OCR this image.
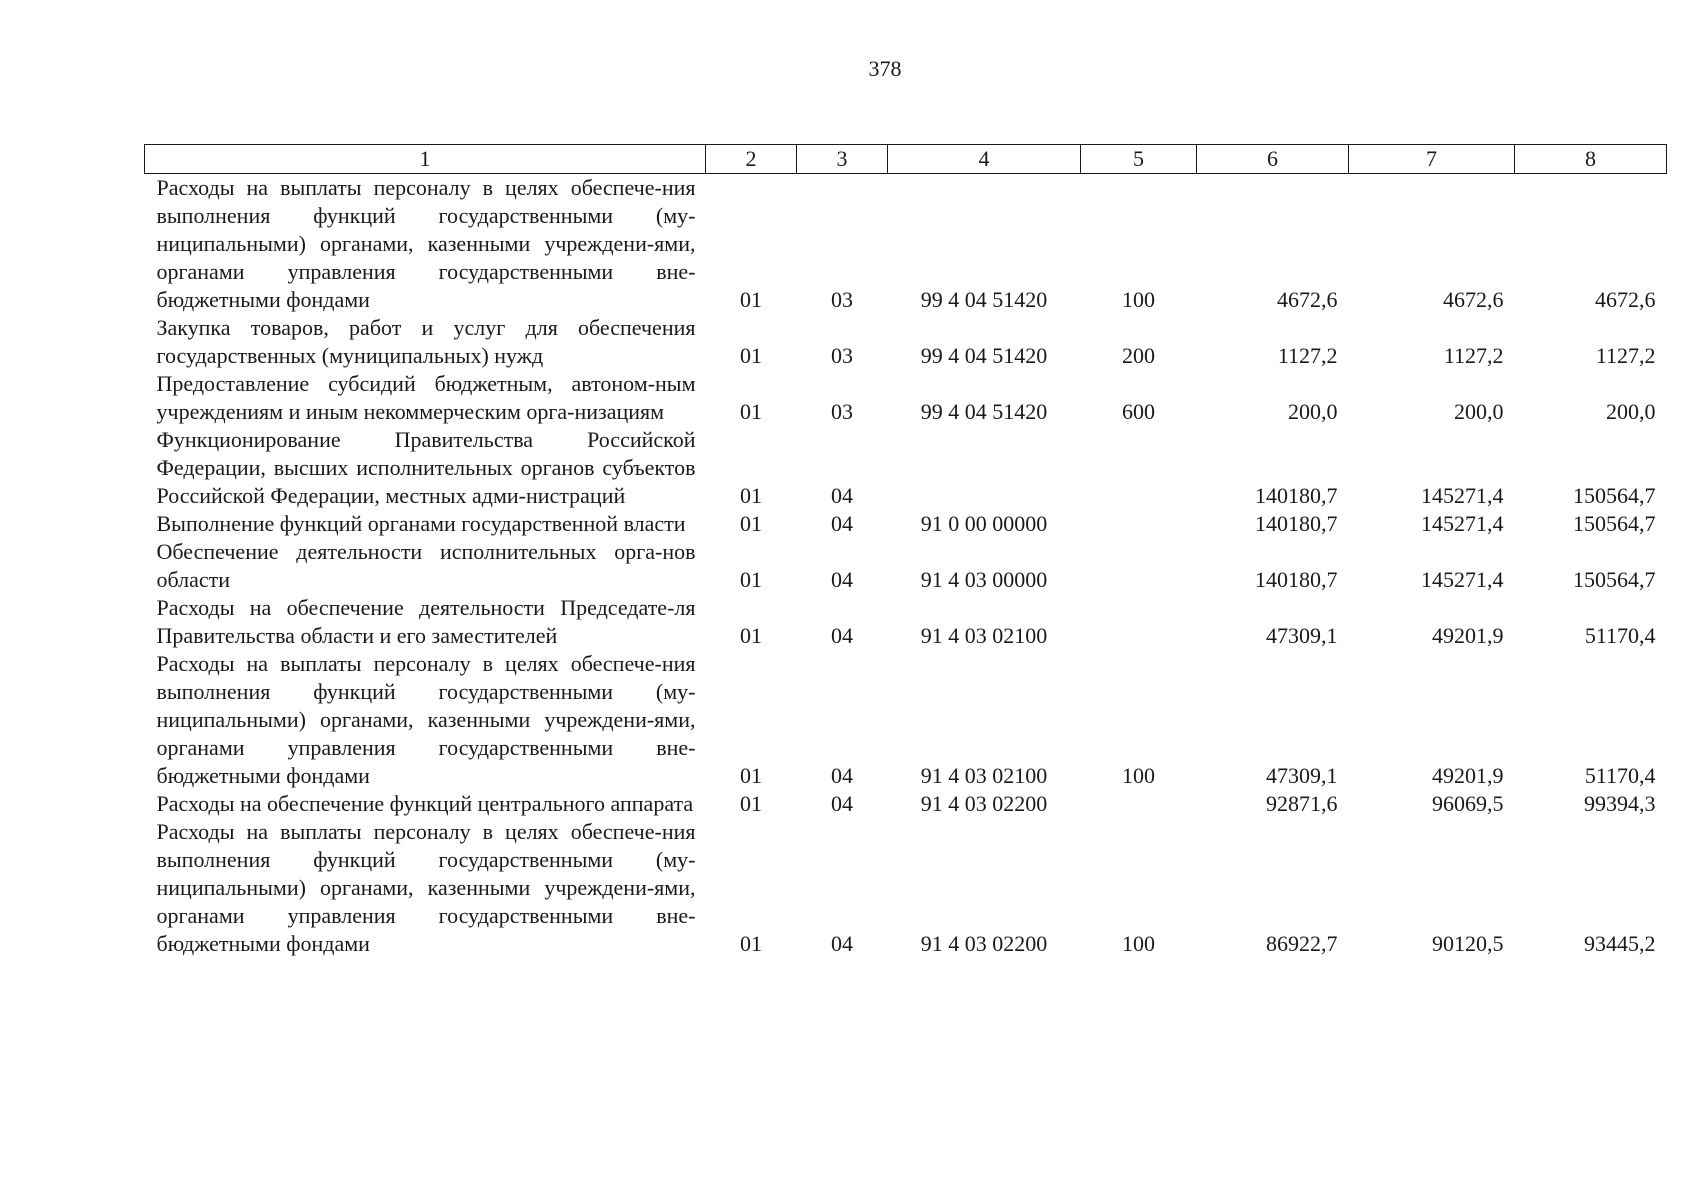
378
1	2	3	4	5	6	7	8
Расходы на выплаты персоналу в целях обеспече-ния выполнения функций государственными (му-ниципальными) органами, казенными учреждени-ями, органами управления государственными вне-бюджетными фондами	01	03	99 4 04 51420	100	4672,6	4672,6	4672,6
Закупка товаров, работ и услуг для обеспечения государственных (муниципальных) нужд	01	03	99 4 04 51420	200	1127,2	1127,2	1127,2
Предоставление субсидий бюджетным, автоном-ным учреждениям и иным некоммерческим орга-низациям	01	03	99 4 04 51420	600	200,0	200,0	200,0
Функционирование Правительства Российской Федерации, высших исполнительных органов субъектов Российской Федерации, местных адми-нистраций	01	04			140180,7	145271,4	150564,7
Выполнение функций органами государственной власти	01	04	91 0 00 00000		140180,7	145271,4	150564,7
Обеспечение деятельности исполнительных орга-нов области	01	04	91 4 03 00000		140180,7	145271,4	150564,7
Расходы на обеспечение деятельности Председате-ля Правительства области и его заместителей	01	04	91 4 03 02100		47309,1	49201,9	51170,4
Расходы на выплаты персоналу в целях обеспече-ния выполнения функций государственными (му-ниципальными) органами, казенными учреждени-ями, органами управления государственными вне-бюджетными фондами	01	04	91 4 03 02100	100	47309,1	49201,9	51170,4
Расходы на обеспечение функций центрального аппарата	01	04	91 4 03 02200		92871,6	96069,5	99394,3
Расходы на выплаты персоналу в целях обеспече-ния выполнения функций государственными (му-ниципальными) органами, казенными учреждени-ями, органами управления государственными вне-бюджетными фондами	01	04	91 4 03 02200	100	86922,7	90120,5	93445,2
